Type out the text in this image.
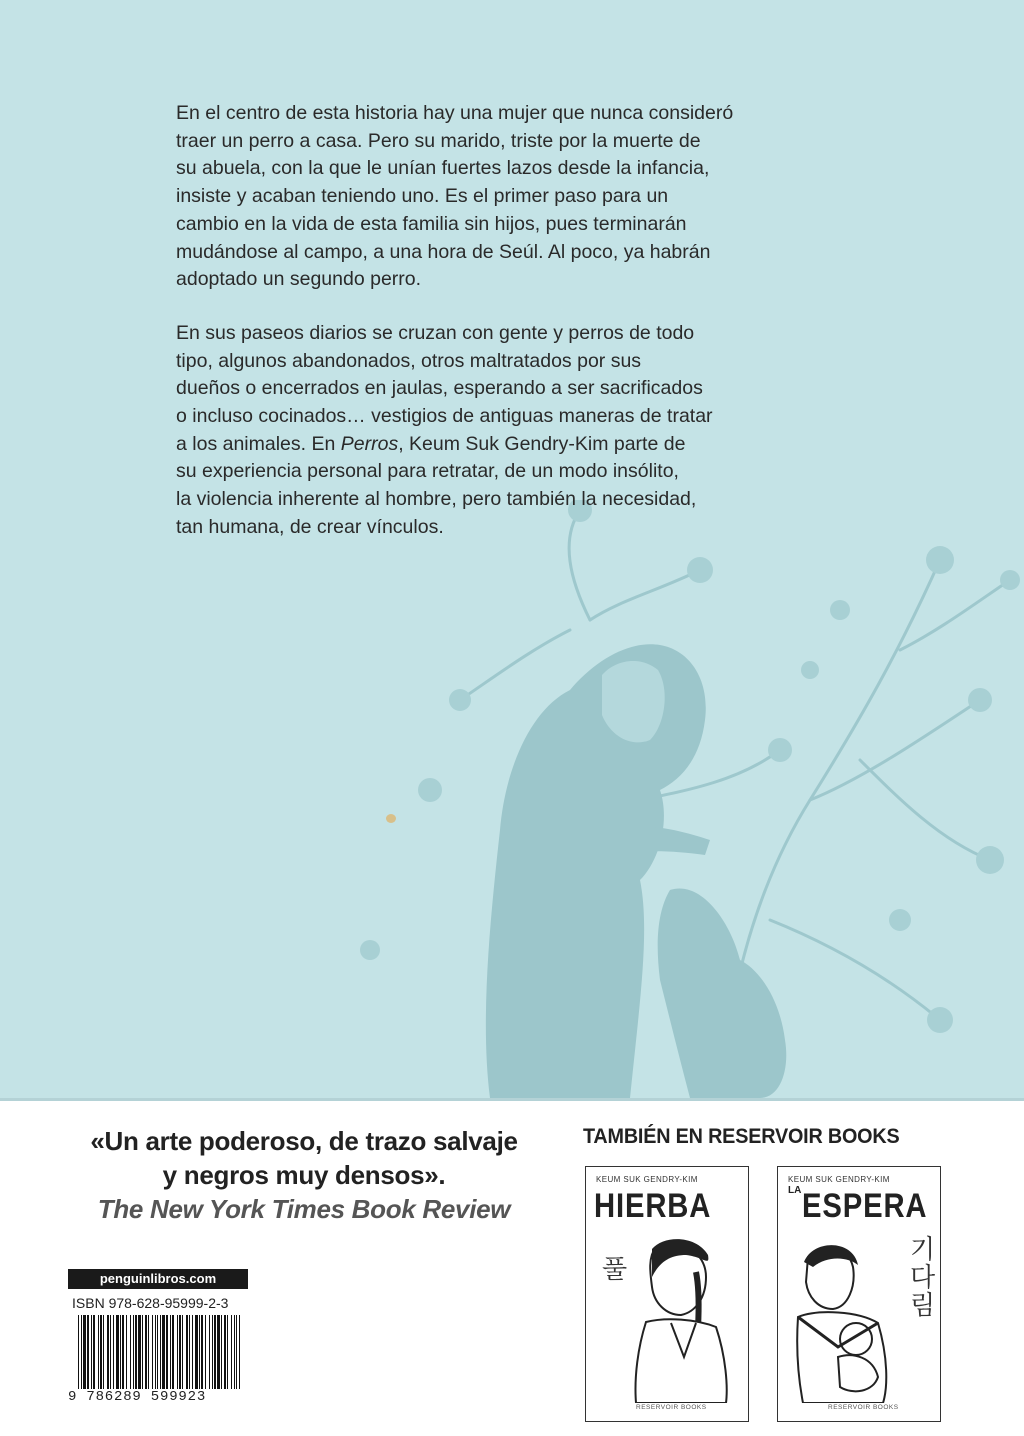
En el centro de esta historia hay una mujer que nunca consideró
traer un perro a casa. Pero su marido, triste por la muerte de
su abuela, con la que le unían fuertes lazos desde la infancia,
insiste y acaban teniendo uno. Es el primer paso para un
cambio en la vida de esta familia sin hijos, pues terminarán
mudándose al campo, a una hora de Seúl. Al poco, ya habrán
adoptado un segundo perro.

En sus paseos diarios se cruzan con gente y perros de todo
tipo, algunos abandonados, otros maltratados por sus
dueños o encerrados en jaulas, esperando a ser sacrificados
o incluso cocinados… vestigios de antiguas maneras de tratar
a los animales. En Perros, Keum Suk Gendry-Kim parte de
su experiencia personal para retratar, de un modo insólito,
la violencia inherente al hombre, pero también la necesidad,
tan humana, de crear vínculos.

«Un arte poderoso, de trazo salvaje
y negros muy densos».

The New York Times Book Review

penguinlibros.com
ISBN 978-628-95999-2-3
9 786289 599923
TAMBIÉN EN RESERVOIR BOOKS
KEUM SUK GENDRY-KIM
HIERBA
풀
RESERVOIR BOOKS
KEUM SUK GENDRY-KIM
LA ESPERA
기다림
RESERVOIR BOOKS
